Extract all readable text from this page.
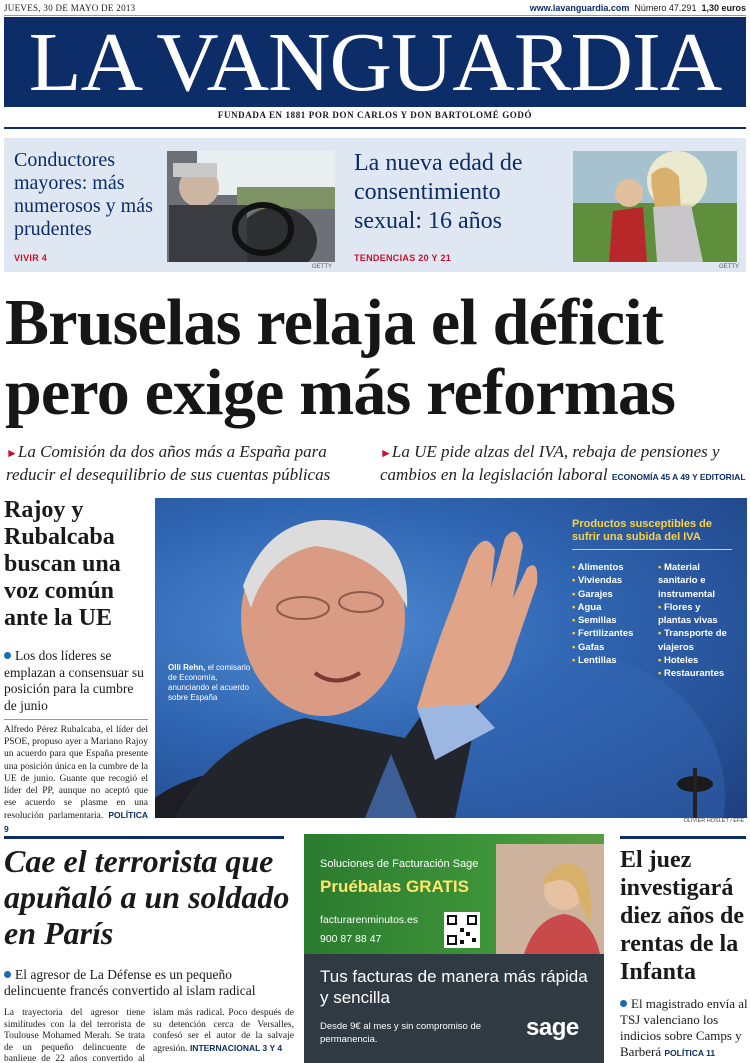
JUEVES, 30 DE MAYO DE 2013	www.lavanguardia.com Número 47.291 1,30 euros
LA VANGUARDIA
FUNDADA EN 1881 POR DON CARLOS Y DON BARTOLOMÉ GODÓ
Conductores mayores: más numerosos y más prudentes
VIVIR 4
GETTY
La nueva edad de consentimiento sexual: 16 años
TENDENCIAS 20 Y 21
GETTY
Bruselas relaja el déficit
pero exige más reformas
►La Comisión da dos años más a España para reducir el desequilibrio de sus cuentas públicas
►La UE pide alzas del IVA, rebaja de pensiones y cambios en la legislación laboral ECONOMÍA 45 A 49 Y EDITORIAL
Rajoy y Rubalcaba buscan una voz común ante la UE
Los dos líderes se emplazan a consensuar su posición para la cumbre de junio
Alfredo Pérez Rubalcaba, el líder del PSOE, propuso ayer a Mariano Rajoy un acuerdo para que España presente una posición única en la cumbre de la UE de junio. Guante que recogió el líder del PP, aunque no aceptó que ese acuerdo se plasme en una resolución parlamentaria. POLÍTICA 9
OLIVIER HOSLET / EFE
Olli Rehn, el comisario de Economía, anunciando el acuerdo sobre España
Productos susceptibles de sufrir una subida del IVA
• Alimentos
• Viviendas
• Garajes
• Agua
• Semillas
• Fertilizantes
• Gafas
• Lentillas
• Material sanitario e instrumental
• Flores y plantas vivas
• Transporte de viajeros
• Hoteles
• Restaurantes
Cae el terrorista que apuñaló a un soldado en París
El agresor de La Défense es un pequeño delincuente francés convertido al islam radical
La trayectoria del agresor tiene similitudes con la del terrorista de Toulouse Mohamed Merah. Se trata de un pequeño delincuente de banlieue de 22 años convertido al islam más radical. Poco después de su detención cerca de Versalles, confesó ser el autor de la salvaje agresión. INTERNACIONAL 3 Y 4
Soluciones de Facturación Sage
Pruébalas GRATIS
facturarenminutos.es
900 87 88 47
Tus facturas de manera más rápida y sencilla
Desde 9€ al mes y sin compromiso de permanencia.	sage
El juez investigará diez años de rentas de la Infanta
El magistrado envía al TSJ valenciano los indicios sobre Camps y Barberá POLÍTICA 11
